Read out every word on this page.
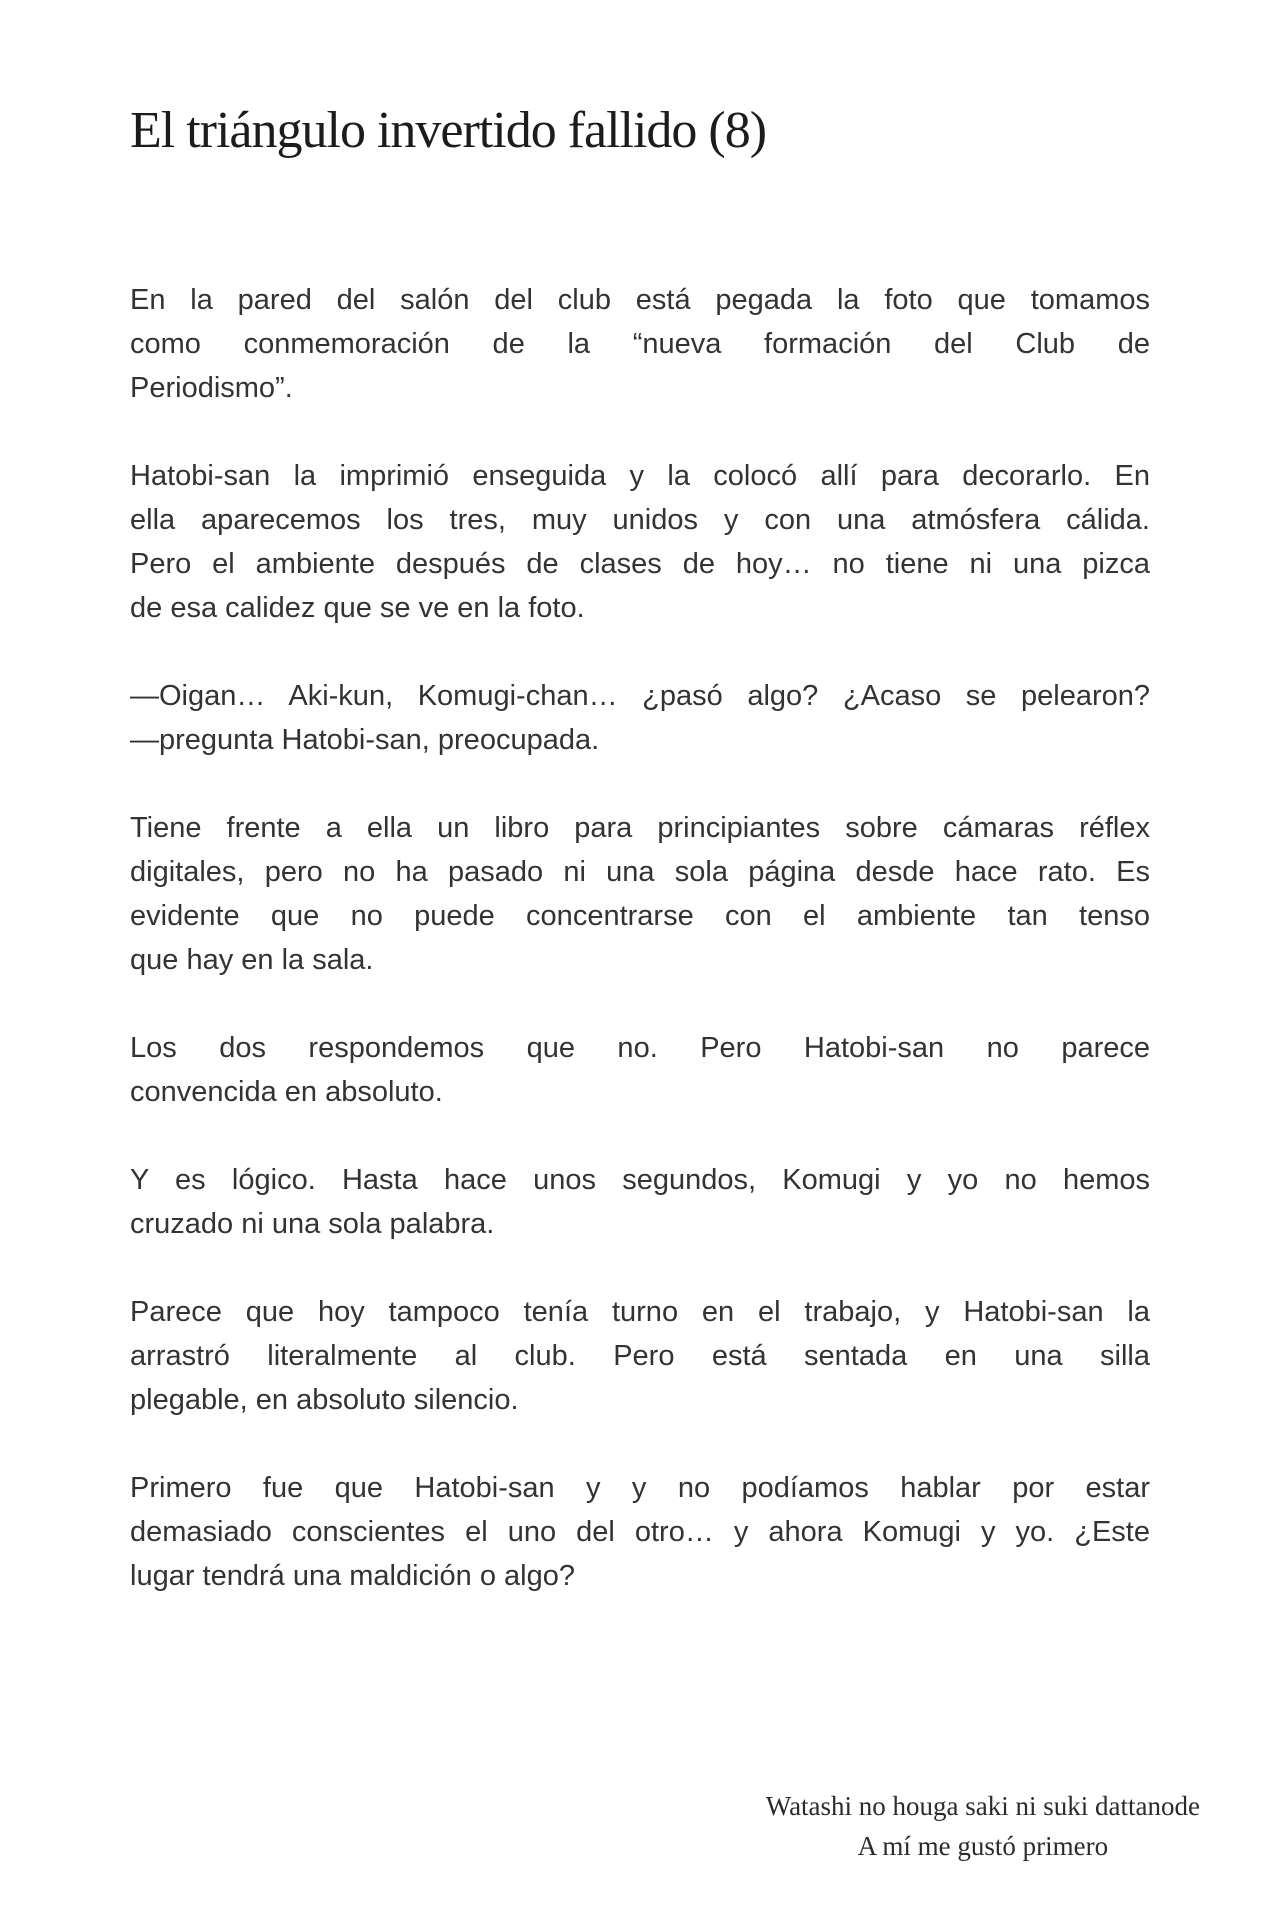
El triángulo invertido fallido (8)

En la pared del salón del club está pegada la foto que tomamos
como conmemoración de la “nueva formación del Club de
Periodismo”.

Hatobi-san la imprimió enseguida y la colocó allí para decorarlo. En
ella aparecemos los tres, muy unidos y con una atmósfera cálida.
Pero el ambiente después de clases de hoy… no tiene ni una pizca
de esa calidez que se ve en la foto.

—Oigan… Aki-kun, Komugi-chan… ¿pasó algo? ¿Acaso se pelearon?
—pregunta Hatobi-san, preocupada.

Tiene frente a ella un libro para principiantes sobre cámaras réflex
digitales, pero no ha pasado ni una sola página desde hace rato. Es
evidente que no puede concentrarse con el ambiente tan tenso
que hay en la sala.

Los dos respondemos que no. Pero Hatobi-san no parece
convencida en absoluto.

Y es lógico. Hasta hace unos segundos, Komugi y yo no hemos
cruzado ni una sola palabra.

Parece que hoy tampoco tenía turno en el trabajo, y Hatobi-san la
arrastró literalmente al club. Pero está sentada en una silla
plegable, en absoluto silencio.

Primero fue que Hatobi-san y y no podíamos hablar por estar
demasiado conscientes el uno del otro… y ahora Komugi y yo. ¿Este
lugar tendrá una maldición o algo?

Watashi no houga saki ni suki dattanode
A mí me gustó primero
